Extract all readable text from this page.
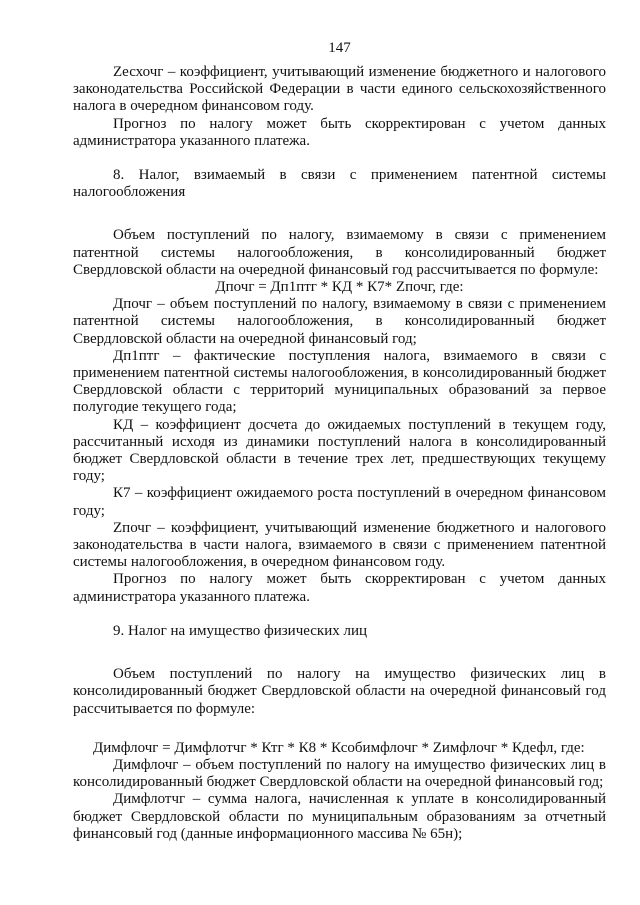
147

Zесхочг – коэффициент, учитывающий изменение бюджетного и налогового законодательства Российской Федерации в части единого сельскохозяйственного налога в очередном финансовом году.

Прогноз по налогу может быть скорректирован с учетом данных администратора указанного платежа.

8. Налог, взимаемый в связи с применением патентной системы налогообложения

Объем поступлений по налогу, взимаемому в связи с применением патентной системы налогообложения, в консолидированный бюджет Свердловской области на очередной финансовый год рассчитывается по формуле:

Дпочг = Дп1птг * КД * К7* Zпочг, где:

Дпочг – объем поступлений по налогу, взимаемому в связи с применением патентной системы налогообложения, в консолидированный бюджет Свердловской области на очередной финансовый год;

Дп1птг – фактические поступления налога, взимаемого в связи с применением патентной системы налогообложения, в консолидированный бюджет Свердловской области с территорий муниципальных образований за первое полугодие текущего года;

КД – коэффициент досчета до ожидаемых поступлений в текущем году, рассчитанный исходя из динамики поступлений налога в консолидированный бюджет Свердловской области в течение трех лет, предшествующих текущему году;

К7 – коэффициент ожидаемого роста поступлений в очередном финансовом году;

Zпочг – коэффициент, учитывающий изменение бюджетного и налогового законодательства в части налога, взимаемого в связи с применением патентной системы налогообложения, в очередном финансовом году.

Прогноз по налогу может быть скорректирован с учетом данных администратора указанного платежа.

9. Налог на имущество физических лиц

Объем поступлений по налогу на имущество физических лиц в консолидированный бюджет Свердловской области на очередной финансовый год рассчитывается по формуле:

Димфлочг = Димфлотчг * Ктг * К8 * Ксобимфлочг * Zимфлочг * Кдефл, где:

Димфлочг – объем поступлений по налогу на имущество физических лиц в консолидированный бюджет Свердловской области на очередной финансовый год;

Димфлотчг – сумма налога, начисленная к уплате в консолидированный бюджет Свердловской области по муниципальным образованиям за отчетный финансовый год (данные информационного массива № 65н);
